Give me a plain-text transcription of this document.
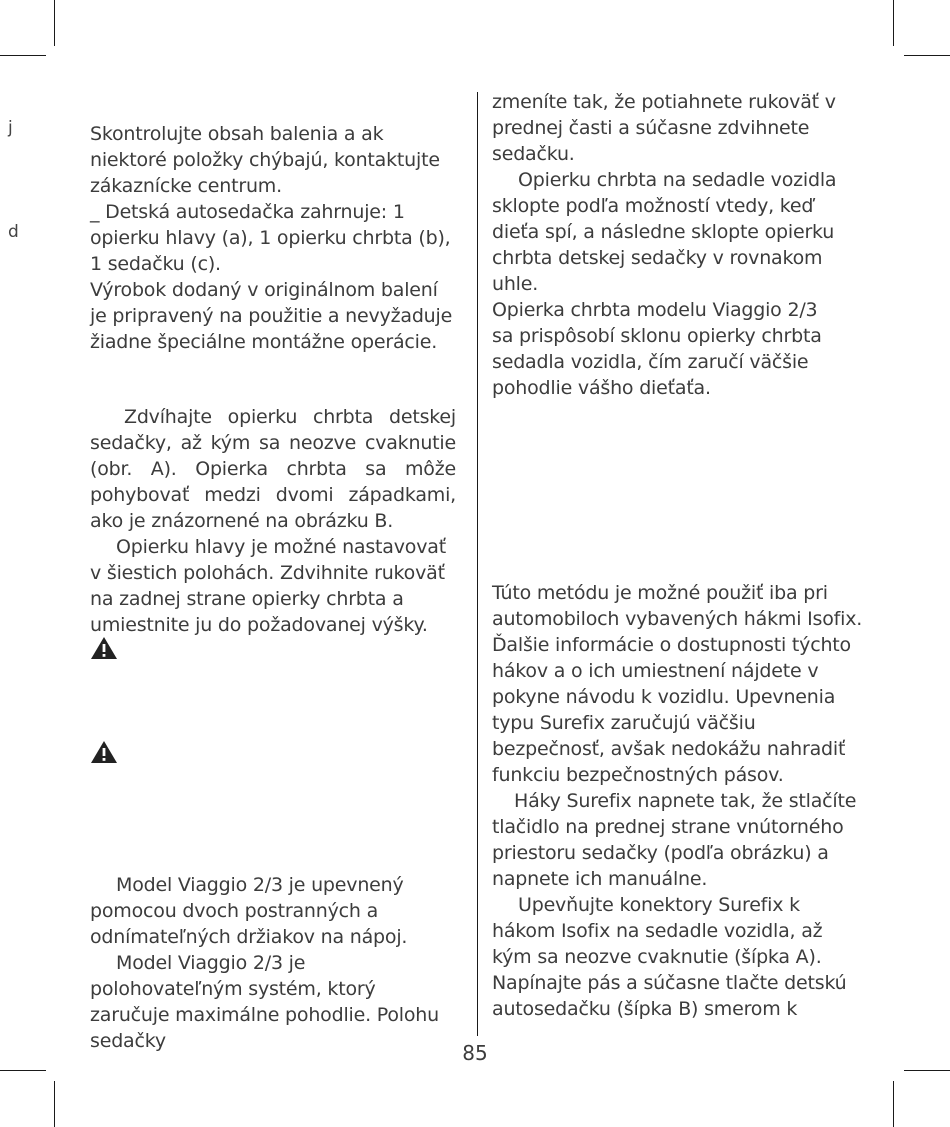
j
d

Skontrolujte obsah balenia a ak niektoré položky chýbajú, kontaktujte zákaznícke centrum.

_ Detská autosedačka zahrnuje: 1 opierku hlavy (a), 1 opierku chrbta (b), 1 sedačku (c).

Výrobok dodaný v originálnom balení je pripravený na použitie a nevyžaduje žiadne špeciálne montážne operácie.

Zdvíhajte opierku chrbta detskej sedačky, až kým sa neozve cvaknutie (obr. A). Opierka chrbta sa môže pohybovať medzi dvomi západkami, ako je znázornené na obrázku B.

Opierku hlavy je možné nastavovať v šiestich polohách. Zdvihnite rukoväť na zadnej strane opierky chrbta a umiestnite ju do požadovanej výšky.

Model Viaggio 2/3 je upevnený pomocou dvoch postranných a odnímateľných držiakov na nápoj.

Model Viaggio 2/3 je polohovateľným systém, ktorý zaručuje maximálne pohodlie. Polohu sedačky

zmeníte tak, že potiahnete rukoväť v prednej časti a súčasne zdvihnete sedačku.

Opierku chrbta na sedadle vozidla sklopte podľa možností vtedy, keď dieťa spí, a následne sklopte opierku chrbta detskej sedačky v rovnakom uhle.

Opierka chrbta modelu Viaggio 2/3 sa prispôsobí sklonu opierky chrbta sedadla vozidla, čím zaručí väčšie pohodlie vášho dieťaťa.

Túto metódu je možné použiť iba pri automobiloch vybavených hákmi Isofix. Ďalšie informácie o dostupnosti týchto hákov a o ich umiestnení nájdete v pokyne návodu k vozidlu. Upevnenia typu Surefix zaručujú väčšiu bezpečnosť, avšak nedokážu nahradiť funkciu bezpečnostných pásov.

Háky Surefix napnete tak, že stlačíte tlačidlo na prednej strane vnútorného priestoru sedačky (podľa obrázku) a napnete ich manuálne.

Upevňujte konektory Surefix k hákom Isofix na sedadle vozidla, až kým sa neozve cvaknutie (šípka A). Napínajte pás a súčasne tlačte detskú autosedačku (šípka B) smerom k

85
